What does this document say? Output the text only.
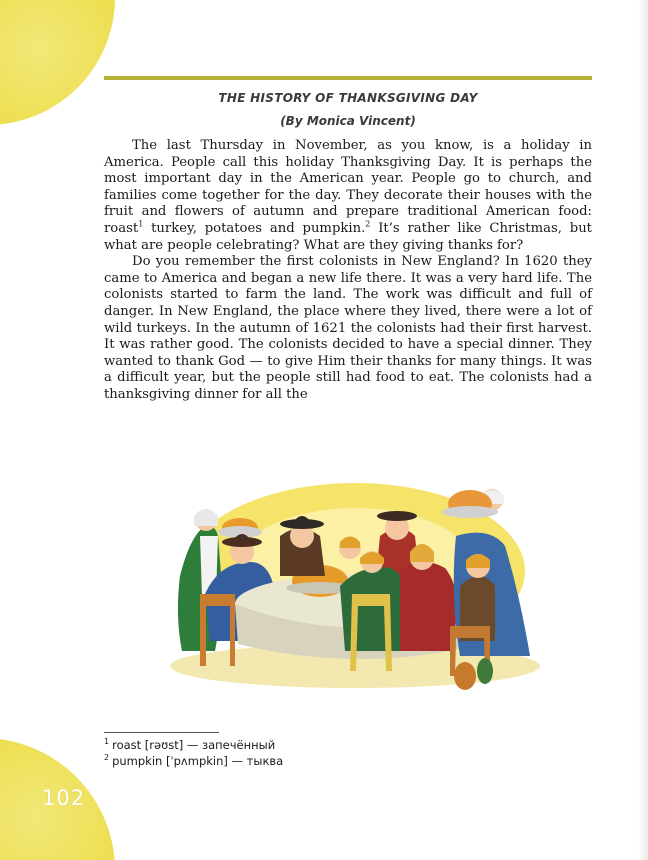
THE HISTORY OF THANKSGIVING DAY
(By Monica Vincent)

The last Thursday in November, as you know, is a holiday in America. People call this holiday Thanksgiving Day. It is perhaps the most important day in the American year. People go to church, and families come together for the day. They decorate their houses with the fruit and flowers of autumn and prepare traditional American food: roast$^1$ turkey, potatoes and pumpkin.$^2$ It’s rather like Christmas, but what are people celebrating? What are they giving thanks for?

Do you remember the first colonists in New England? In 1620 they came to America and began a new life there. It was a very hard life. The colonists started to farm the land. The work was difficult and full of danger. In New England, the place where they lived, there were a lot of wild turkeys. In the autumn of 1621 the colonists had their first harvest. It was rather good. The colonists decided to have a special dinner. They wanted to thank God — to give Him their thanks for many things. It was a difficult year, but the people still had food to eat. The colonists had a thanksgiving dinner for all the

$^1$ roast [rəʊst] — запечённый
$^2$ pumpkin [ˈpʌmpkin] — тыква
102
